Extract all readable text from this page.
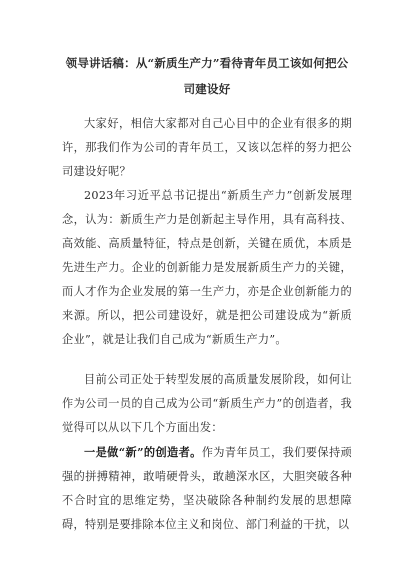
领导讲话稿：从“新质生产力”看待青年员工该如何把公司建设好

大家好，相信大家都对自己心目中的企业有很多的期许，那我们作为公司的青年员工，又该以怎样的努力把公司建设好呢？

2023年习近平总书记提出“新质生产力”创新发展理念，认为：新质生产力是创新起主导作用，具有高科技、高效能、高质量特征，特点是创新，关键在质优，本质是先进生产力。企业的创新能力是发展新质生产力的关键，而人才作为企业发展的第一生产力，亦是企业创新能力的来源。所以，把公司建设好，就是把公司建设成为“新质企业”，就是让我们自己成为“新质生产力”。

目前公司正处于转型发展的高质量发展阶段，如何让作为公司一员的自己成为公司“新质生产力”的创造者，我觉得可以从以下几个方面出发：

一是做“新”的创造者。作为青年员工，我们要保持顽强的拼搏精神，敢啃硬骨头，敢趟深水区，大胆突破各种不合时宜的思维定势，坚决破除各种制约发展的思想障碍，特别是要排除本位主义和岗位、部门利益的干扰，以
